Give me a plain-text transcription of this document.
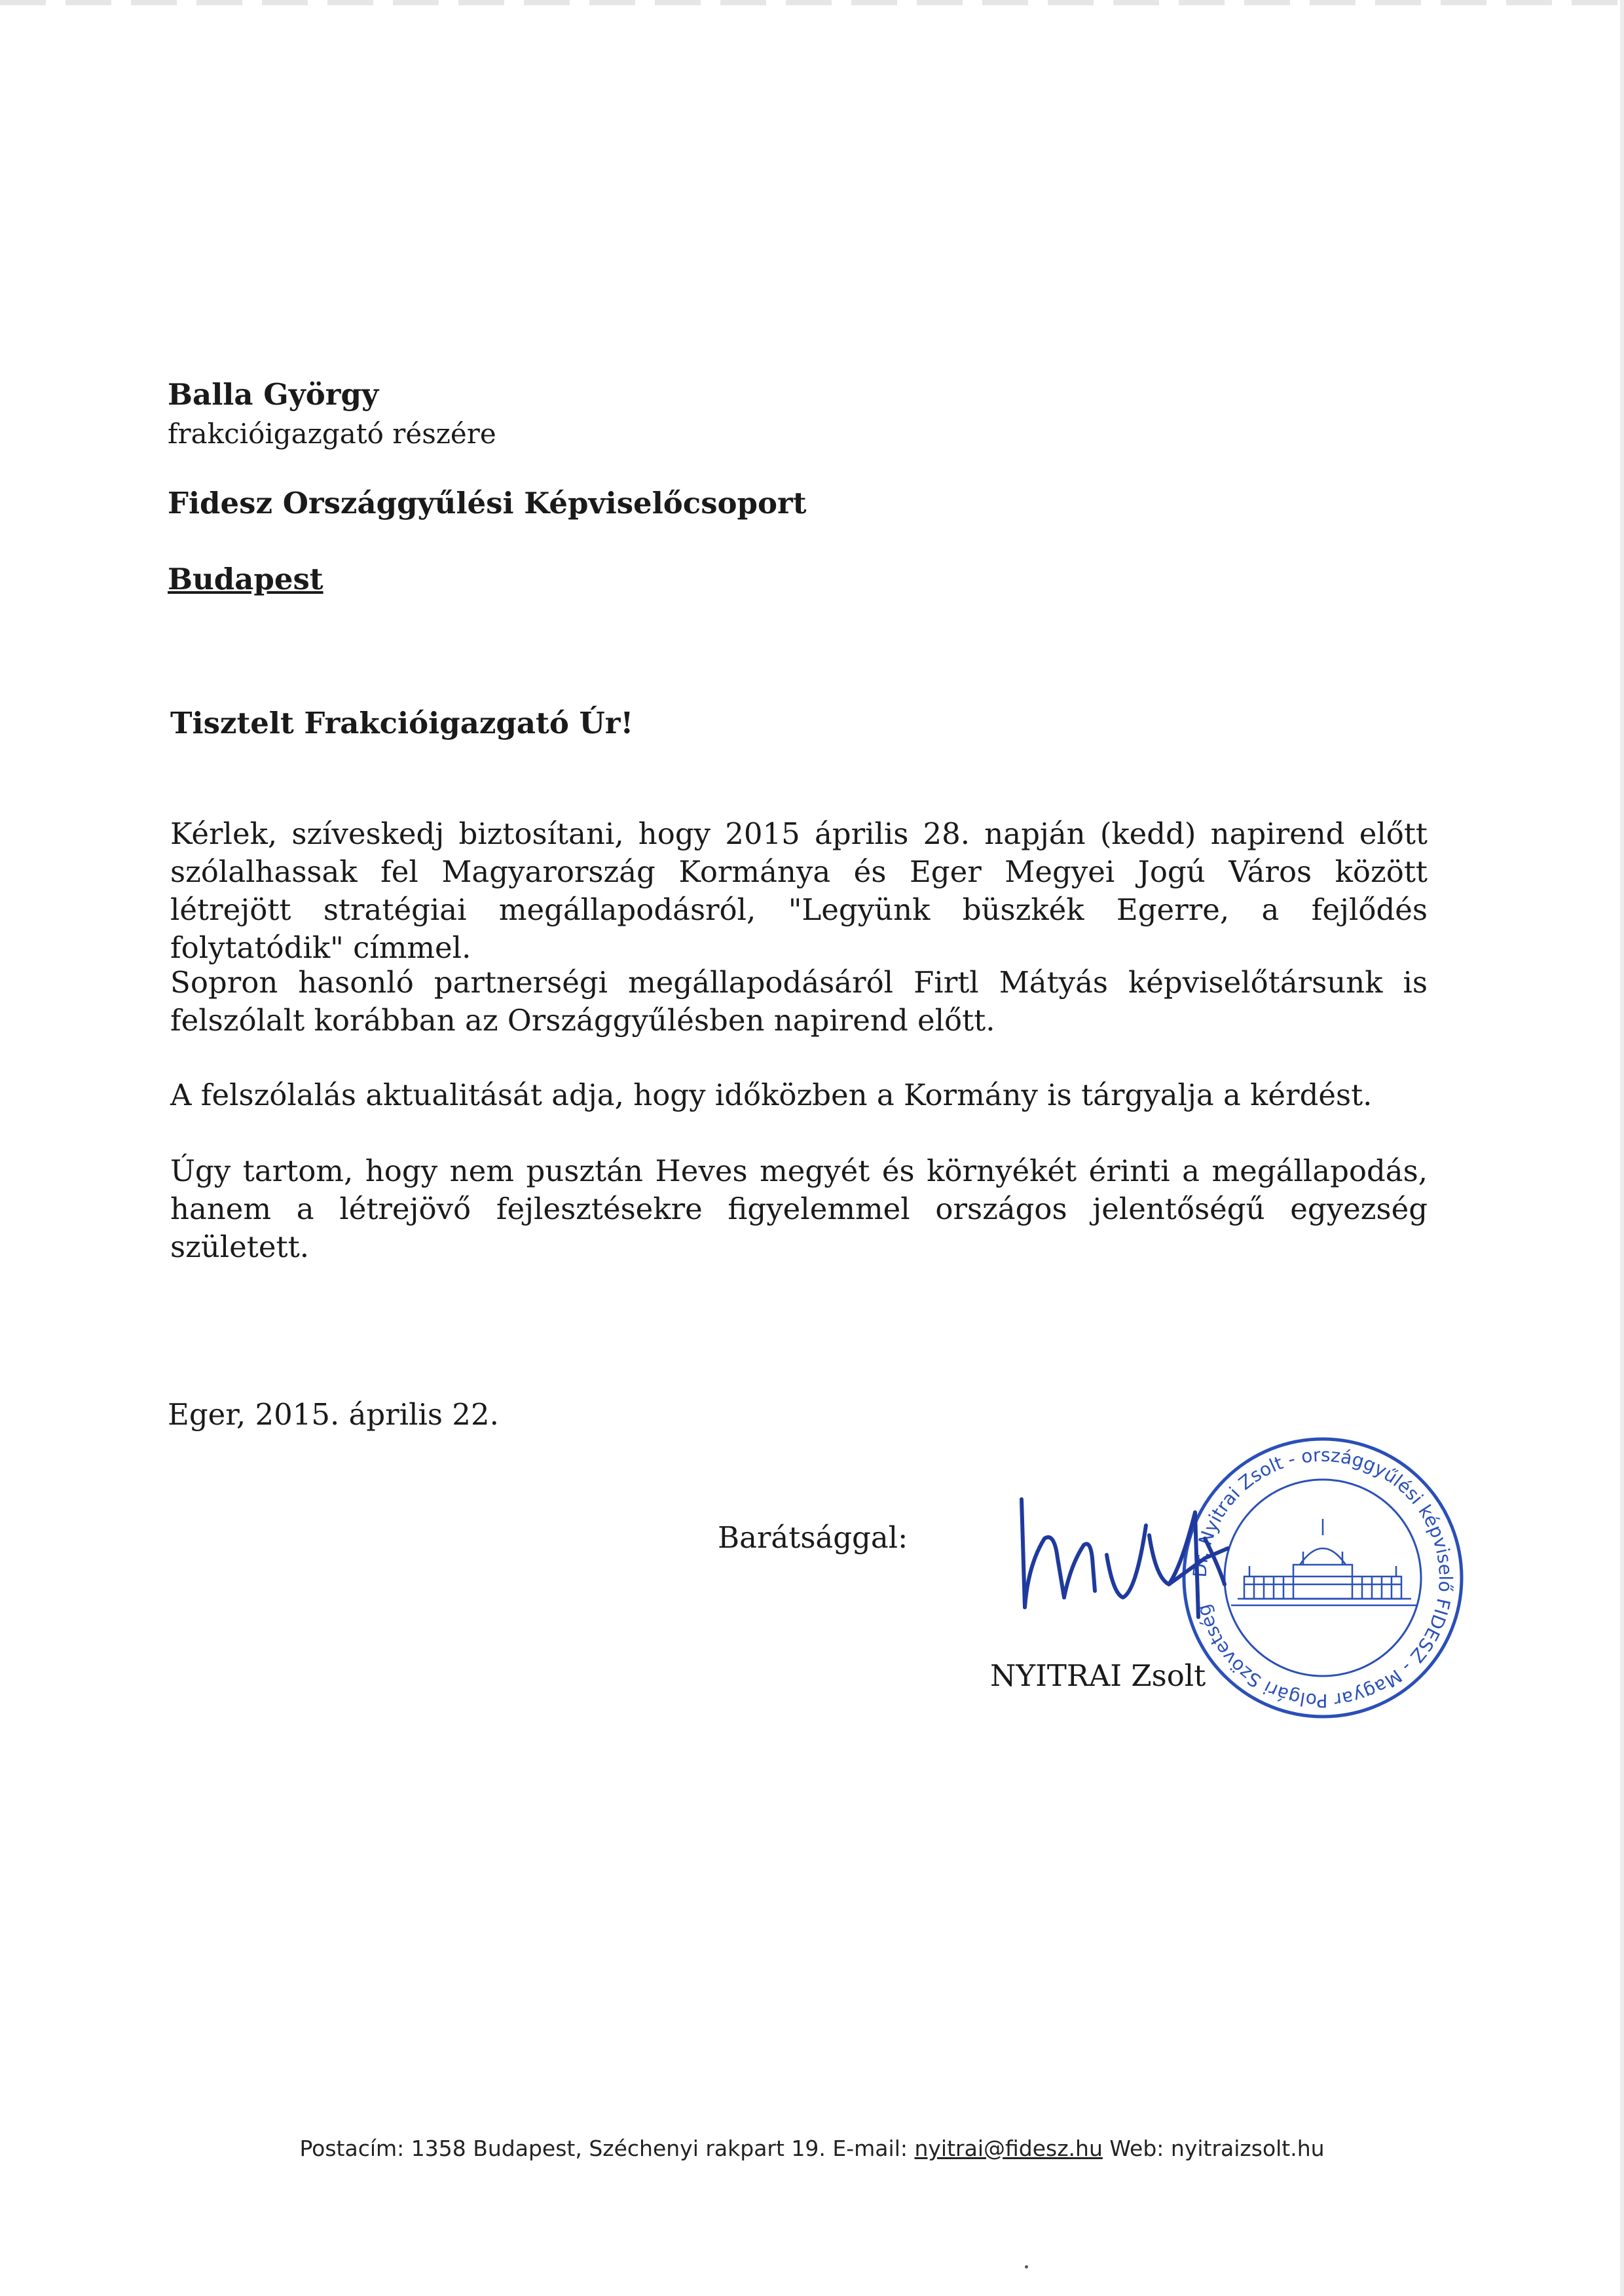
Balla György

frakcióigazgató részére

Fidesz Országgyűlési Képviselőcsoport

Budapest

Tisztelt Frakcióigazgató Úr!

Kérlek, szíveskedj biztosítani, hogy 2015 április 28. napján (kedd) napirend előtt szólalhassak fel Magyarország Kormánya és Eger Megyei Jogú Város között létrejött stratégiai megállapodásról, "Legyünk büszkék Egerre, a fejlődés folytatódik" címmel.

Sopron hasonló partnerségi megállapodásáról Firtl Mátyás képviselőtársunk is felszólalt korábban az Országgyűlésben napirend előtt.

A felszólalás aktualitását adja, hogy időközben a Kormány is tárgyalja a kérdést.

Úgy tartom, hogy nem pusztán Heves megyét és környékét érinti a megállapodás, hanem a létrejövő fejlesztésekre figyelemmel országos jelentőségű egyezség született.

Eger, 2015. április 22.

Barátsággal:

Dr. Nyitrai Zsolt - országgyűlési képviselő FIDESZ - Magyar Polgári Szövetség

NYITRAI Zsolt

Postacím: 1358 Budapest, Széchenyi rakpart 19. E-mail: nyitrai@fidesz.hu Web: nyitraizsolt.hu
